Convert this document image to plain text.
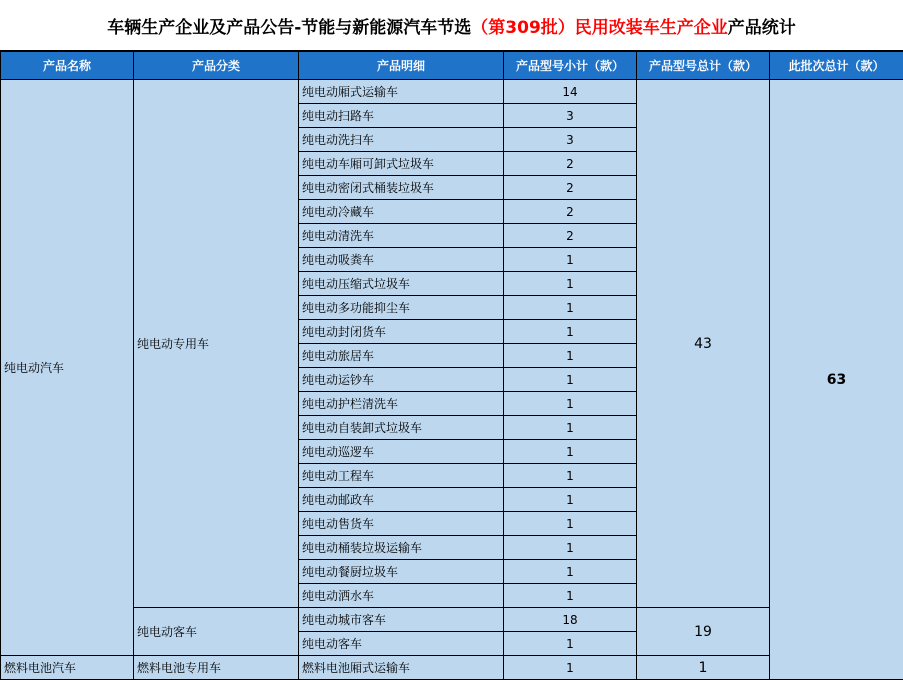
车辆生产企业及产品公告-节能与新能源汽车节选 （第309批）民用改装车生产企业 产品统计
产品名称	产品分类	产品明细	产品型号小计（款）	产品型号总计（款）	此批次总计（款）
纯电动汽车	纯电动专用车	纯电动厢式运输车	14	43	63
		纯电动扫路车	3		
		纯电动洗扫车	3		
		纯电动车厢可卸式垃圾车	2		
		纯电动密闭式桶装垃圾车	2		
		纯电动冷藏车	2		
		纯电动清洗车	2		
		纯电动吸粪车	1		
		纯电动压缩式垃圾车	1		
		纯电动多功能抑尘车	1		
		纯电动封闭货车	1		
		纯电动旅居车	1		
		纯电动运钞车	1		
		纯电动护栏清洗车	1		
		纯电动自装卸式垃圾车	1		
		纯电动巡逻车	1		
		纯电动工程车	1		
		纯电动邮政车	1		
		纯电动售货车	1		
		纯电动桶装垃圾运输车	1		
		纯电动餐厨垃圾车	1		
		纯电动洒水车	1		
	纯电动客车	纯电动城市客车	18	19	
		纯电动客车	1		
燃料电池汽车	燃料电池专用车	燃料电池厢式运输车	1	1	
